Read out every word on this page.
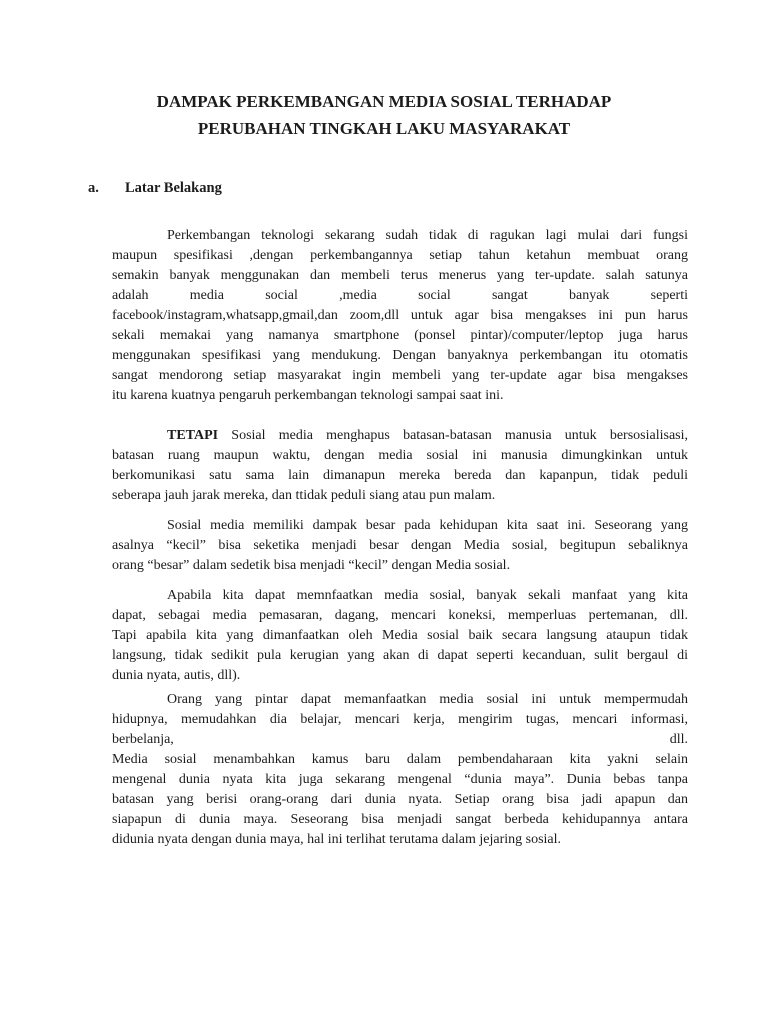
DAMPAK PERKEMBANGAN MEDIA SOSIAL TERHADAP
PERUBAHAN TINGKAH LAKU MASYARAKAT
a.	Latar Belakang
Perkembangan teknologi sekarang sudah tidak di ragukan lagi mulai dari fungsi
maupun spesifikasi ,dengan perkembangannya setiap tahun ketahun membuat orang
semakin banyak menggunakan dan membeli terus menerus yang ter-update. salah satunya
adalah media social ,media social sangat banyak seperti
facebook/instagram,whatsapp,gmail,dan zoom,dll untuk agar bisa mengakses ini pun harus
sekali memakai yang namanya smartphone (ponsel pintar)/computer/leptop juga harus
menggunakan spesifikasi yang mendukung. Dengan banyaknya perkembangan itu otomatis
sangat mendorong setiap masyarakat ingin membeli yang ter-update agar bisa mengakses
itu karena kuatnya pengaruh perkembangan teknologi sampai saat ini.
TETAPI Sosial media menghapus batasan-batasan manusia untuk bersosialisasi,
batasan ruang maupun waktu, dengan media sosial ini manusia dimungkinkan untuk
berkomunikasi satu sama lain dimanapun mereka bereda dan kapanpun, tidak peduli
seberapa jauh jarak mereka, dan ttidak peduli siang atau pun malam.
Sosial media memiliki dampak besar pada kehidupan kita saat ini. Seseorang yang
asalnya “kecil” bisa seketika menjadi besar dengan Media sosial, begitupun sebaliknya
orang “besar” dalam sedetik bisa menjadi “kecil” dengan Media sosial.
Apabila kita dapat memnfaatkan media sosial, banyak sekali manfaat yang kita
dapat, sebagai media pemasaran, dagang, mencari koneksi, memperluas pertemanan, dll.
Tapi apabila kita yang dimanfaatkan oleh Media sosial baik secara langsung ataupun tidak
langsung, tidak sedikit pula kerugian yang akan di dapat seperti kecanduan, sulit bergaul di
dunia nyata, autis, dll).
Orang yang pintar dapat memanfaatkan media sosial ini untuk mempermudah
hidupnya, memudahkan dia belajar, mencari kerja, mengirim tugas, mencari informasi,
berbelanja, dll.
Media sosial menambahkan kamus baru dalam pembendaharaan kita yakni selain
mengenal dunia nyata kita juga sekarang mengenal “dunia maya”. Dunia bebas tanpa
batasan yang berisi orang-orang dari dunia nyata. Setiap orang bisa jadi apapun dan
siapapun di dunia maya. Seseorang bisa menjadi sangat berbeda kehidupannya antara
didunia nyata dengan dunia maya, hal ini terlihat terutama dalam jejaring sosial.
